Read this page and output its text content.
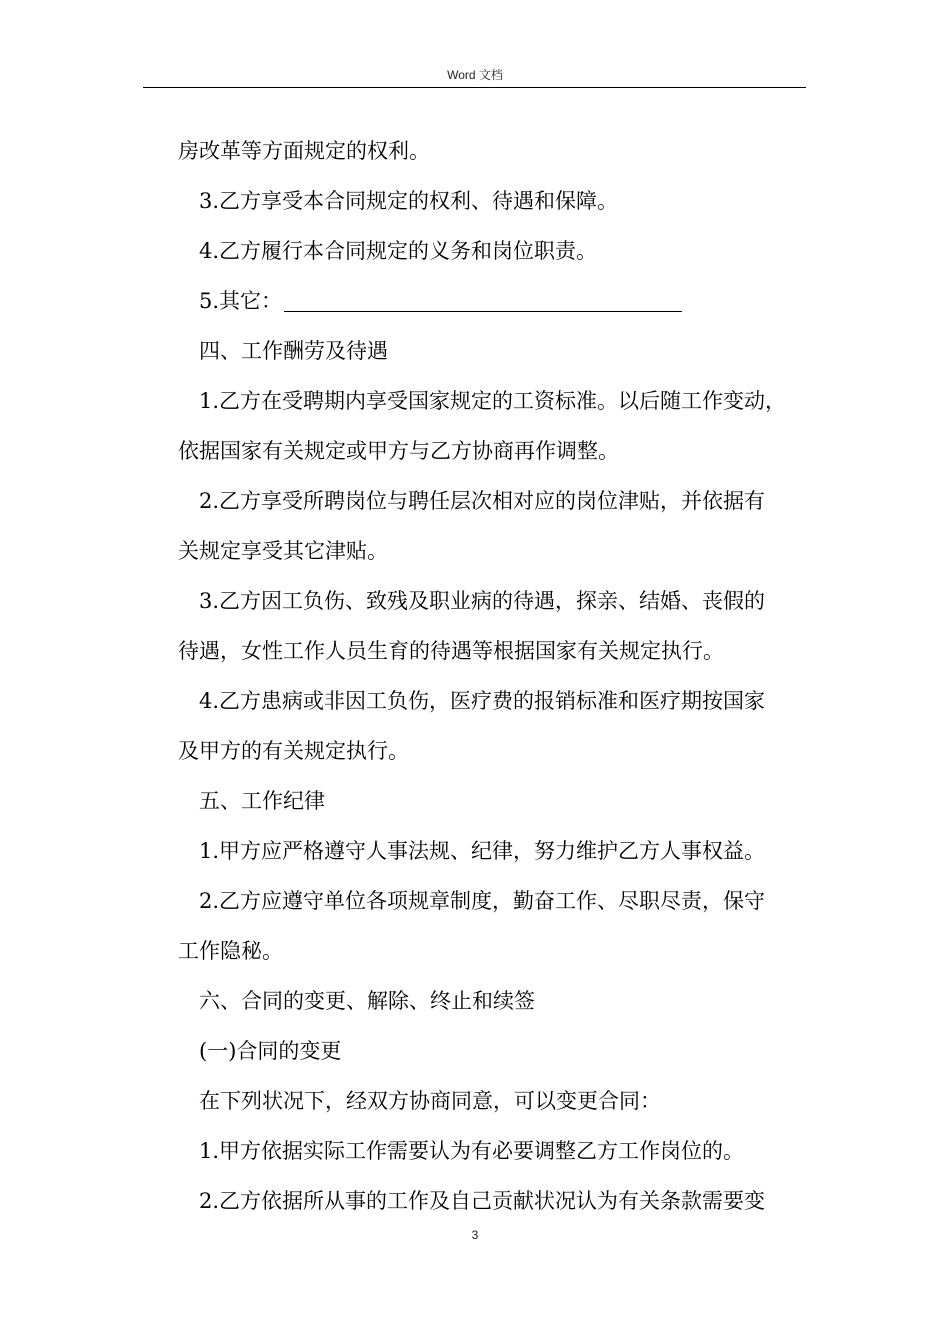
Word 文档
房改革等方面规定的权利。
3.乙方享受本合同规定的权利、待遇和保障。
4.乙方履行本合同规定的义务和岗位职责。
5.其它：
四、工作酬劳及待遇
1.乙方在受聘期内享受国家规定的工资标准。以后随工作变动，
依据国家有关规定或甲方与乙方协商再作调整。
2.乙方享受所聘岗位与聘任层次相对应的岗位津贴，并依据有
关规定享受其它津贴。
3.乙方因工负伤、致残及职业病的待遇，探亲、结婚、丧假的
待遇，女性工作人员生育的待遇等根据国家有关规定执行。
4.乙方患病或非因工负伤，医疗费的报销标准和医疗期按国家
及甲方的有关规定执行。
五、工作纪律
1.甲方应严格遵守人事法规、纪律，努力维护乙方人事权益。
2.乙方应遵守单位各项规章制度，勤奋工作、尽职尽责，保守
工作隐秘。
六、合同的变更、解除、终止和续签
(一)合同的变更
在下列状况下，经双方协商同意，可以变更合同：
1.甲方依据实际工作需要认为有必要调整乙方工作岗位的。
2.乙方依据所从事的工作及自己贡献状况认为有关条款需要变
3
